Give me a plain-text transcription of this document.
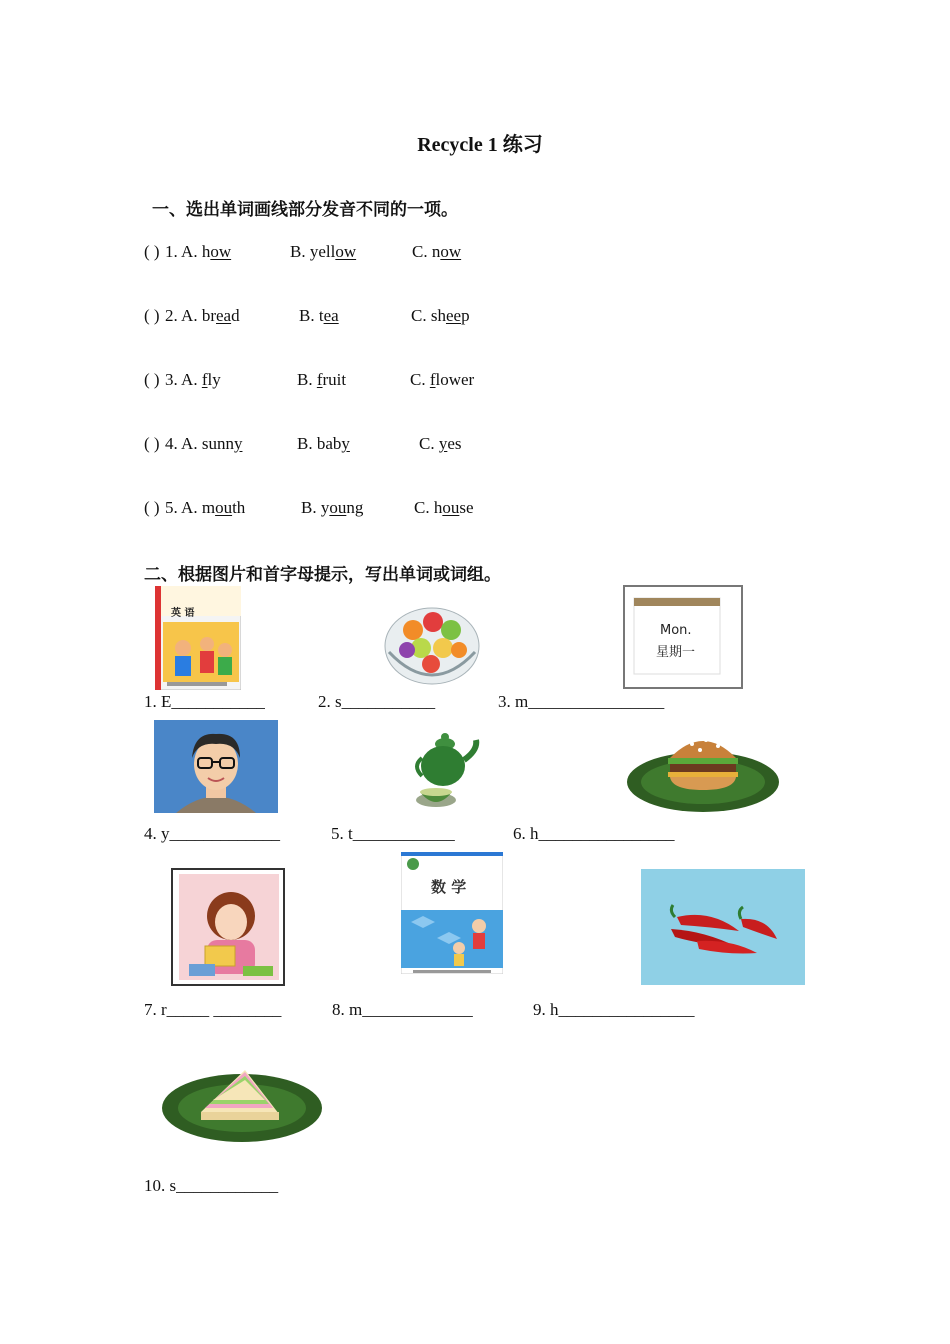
Recycle 1 练习
一、选出单词画线部分发音不同的一项。
( ) 1. A. how	B. yellow	C. now
( ) 2. A. bread	B. tea	C. sheep
( ) 3. A. fly	B. fruit	C. flower
( ) 4. A. sunny	B. baby	C. yes
( ) 5. A. mouth	B. young	C. house
二、根据图片和首字母提示，写出单词或词组。
英 语
Mon.
星期一
1. E___________	2. s___________	3. m________________
4. y_____________	5. t____________	6. h________________
数 学
7. r_____ ________	8. m_____________	9. h________________
10. s____________
